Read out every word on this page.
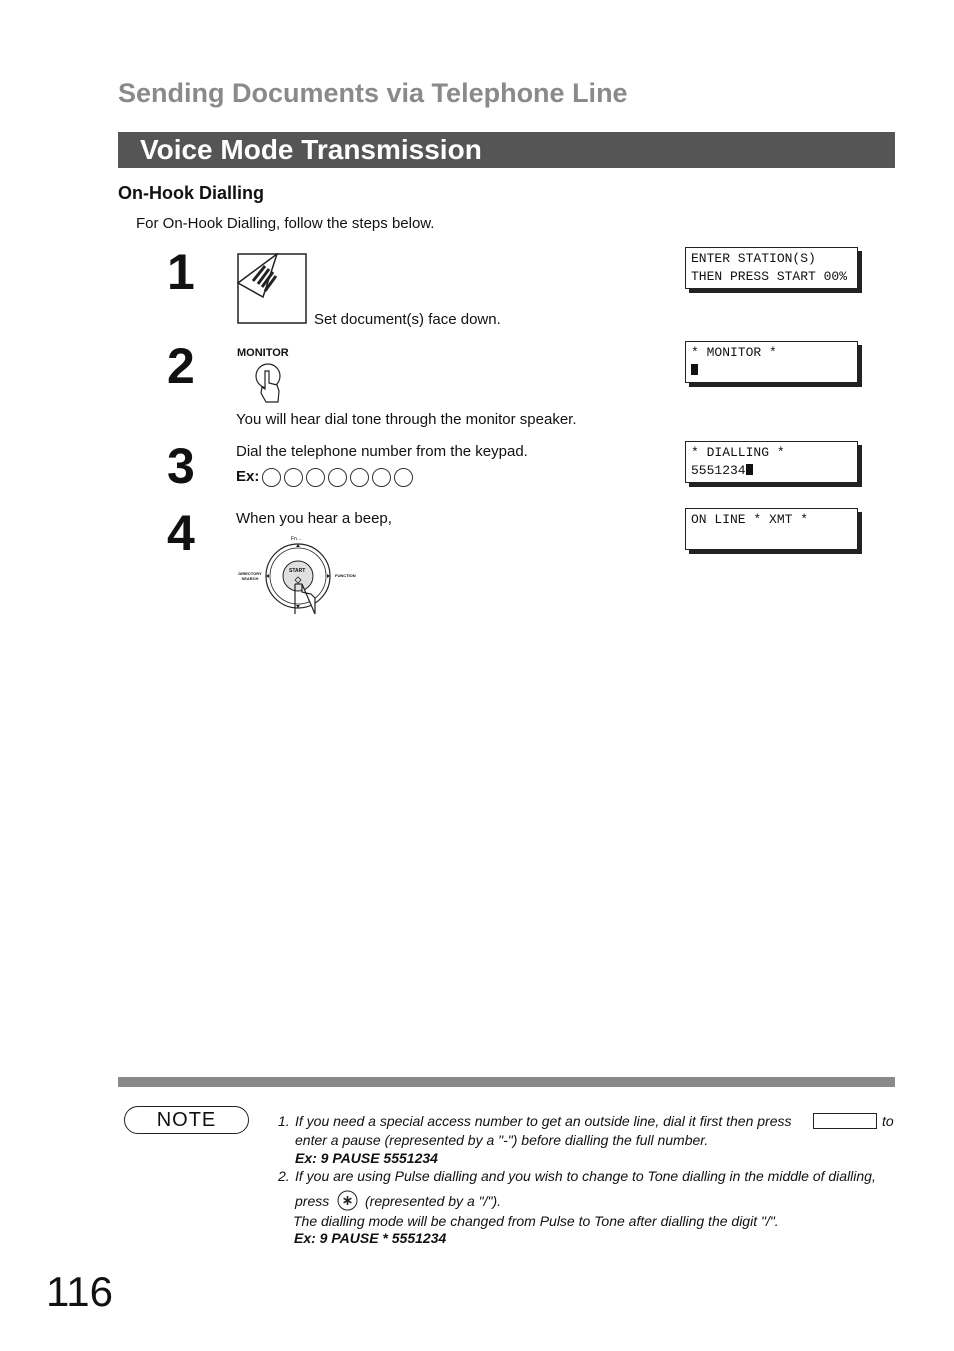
Sending Documents via Telephone Line
Voice Mode Transmission
On-Hook Dialling
For On-Hook Dialling, follow the steps below.
1
Set document(s) face down.
ENTER STATION(S)
THEN PRESS START 00%
2	MONITOR
You will hear dial tone through the monitor speaker.
* MONITOR *
3	Dial the telephone number from the keypad.
Ex:
* DIALLING *
5551234
4	When you hear a beep,	ON LINE * XMT *
Fn…
DIRECTORY SEARCH
START
FUNCTION
NOTE	1. If you need a special access number to get an outside line, dial it first then press	to
enter a pause (represented by a "-") before dialling the full number.
Ex: 9 PAUSE 5551234
2. If you are using Pulse dialling and you wish to change to Tone dialling in the middle of dialling,
press	(represented by a "/").
The dialling mode will be changed from Pulse to Tone after dialling the digit "/".
Ex: 9 PAUSE * 5551234
116
